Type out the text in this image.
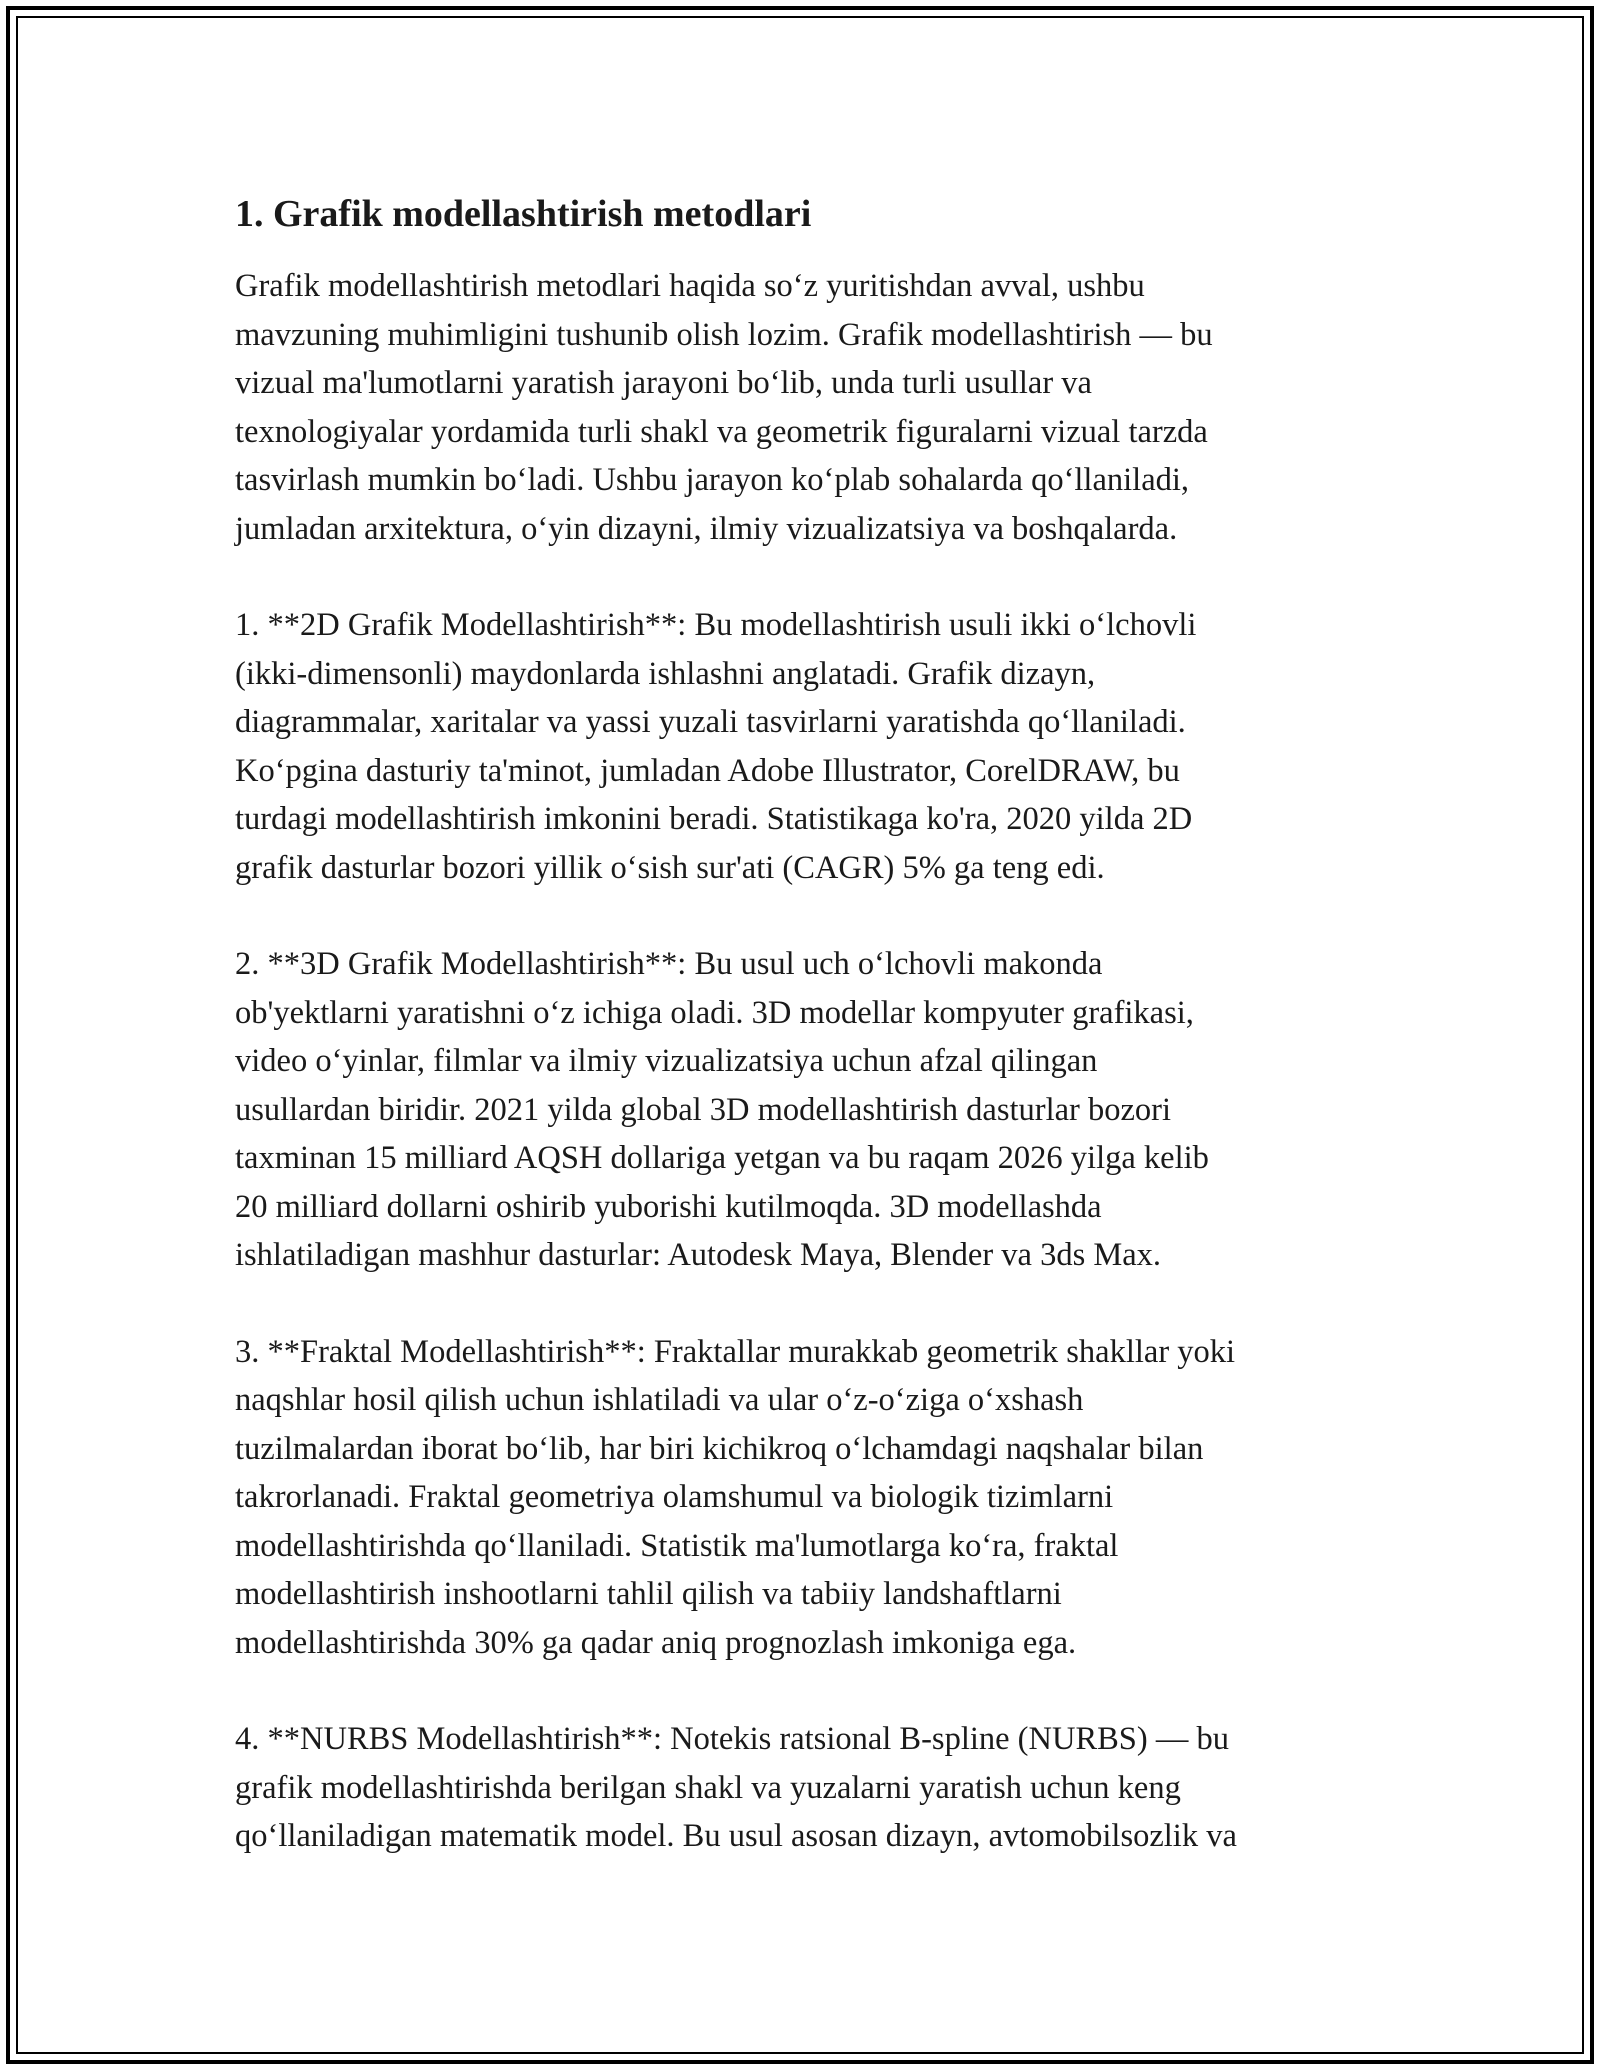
1. Grafik modellashtirish metodlari

Grafik modellashtirish metodlari haqida so‘z yuritishdan avval, ushbu
mavzuning muhimligini tushunib olish lozim. Grafik modellashtirish — bu
vizual ma'lumotlarni yaratish jarayoni bo‘lib, unda turli usullar va
texnologiyalar yordamida turli shakl va geometrik figuralarni vizual tarzda
tasvirlash mumkin bo‘ladi. Ushbu jarayon ko‘plab sohalarda qo‘llaniladi,
jumladan arxitektura, o‘yin dizayni, ilmiy vizualizatsiya va boshqalarda.

1. **2D Grafik Modellashtirish**: Bu modellashtirish usuli ikki o‘lchovli
(ikki-dimensonli) maydonlarda ishlashni anglatadi. Grafik dizayn,
diagrammalar, xaritalar va yassi yuzali tasvirlarni yaratishda qo‘llaniladi.
Ko‘pgina dasturiy ta'minot, jumladan Adobe Illustrator, CorelDRAW, bu
turdagi modellashtirish imkonini beradi. Statistikaga ko'ra, 2020 yilda 2D
grafik dasturlar bozori yillik o‘sish sur'ati (CAGR) 5% ga teng edi.

2. **3D Grafik Modellashtirish**: Bu usul uch o‘lchovli makonda
ob'yektlarni yaratishni o‘z ichiga oladi. 3D modellar kompyuter grafikasi,
video o‘yinlar, filmlar va ilmiy vizualizatsiya uchun afzal qilingan
usullardan biridir. 2021 yilda global 3D modellashtirish dasturlar bozori
taxminan 15 milliard AQSH dollariga yetgan va bu raqam 2026 yilga kelib
20 milliard dollarni oshirib yuborishi kutilmoqda. 3D modellashda
ishlatiladigan mashhur dasturlar: Autodesk Maya, Blender va 3ds Max.

3. **Fraktal Modellashtirish**: Fraktallar murakkab geometrik shakllar yoki
naqshlar hosil qilish uchun ishlatiladi va ular o‘z-o‘ziga o‘xshash
tuzilmalardan iborat bo‘lib, har biri kichikroq o‘lchamdagi naqshalar bilan
takrorlanadi. Fraktal geometriya olamshumul va biologik tizimlarni
modellashtirishda qo‘llaniladi. Statistik ma'lumotlarga ko‘ra, fraktal
modellashtirish inshootlarni tahlil qilish va tabiiy landshaftlarni
modellashtirishda 30% ga qadar aniq prognozlash imkoniga ega.

4. **NURBS Modellashtirish**: Notekis ratsional B-spline (NURBS) — bu
grafik modellashtirishda berilgan shakl va yuzalarni yaratish uchun keng
qo‘llaniladigan matematik model. Bu usul asosan dizayn, avtomobilsozlik va
